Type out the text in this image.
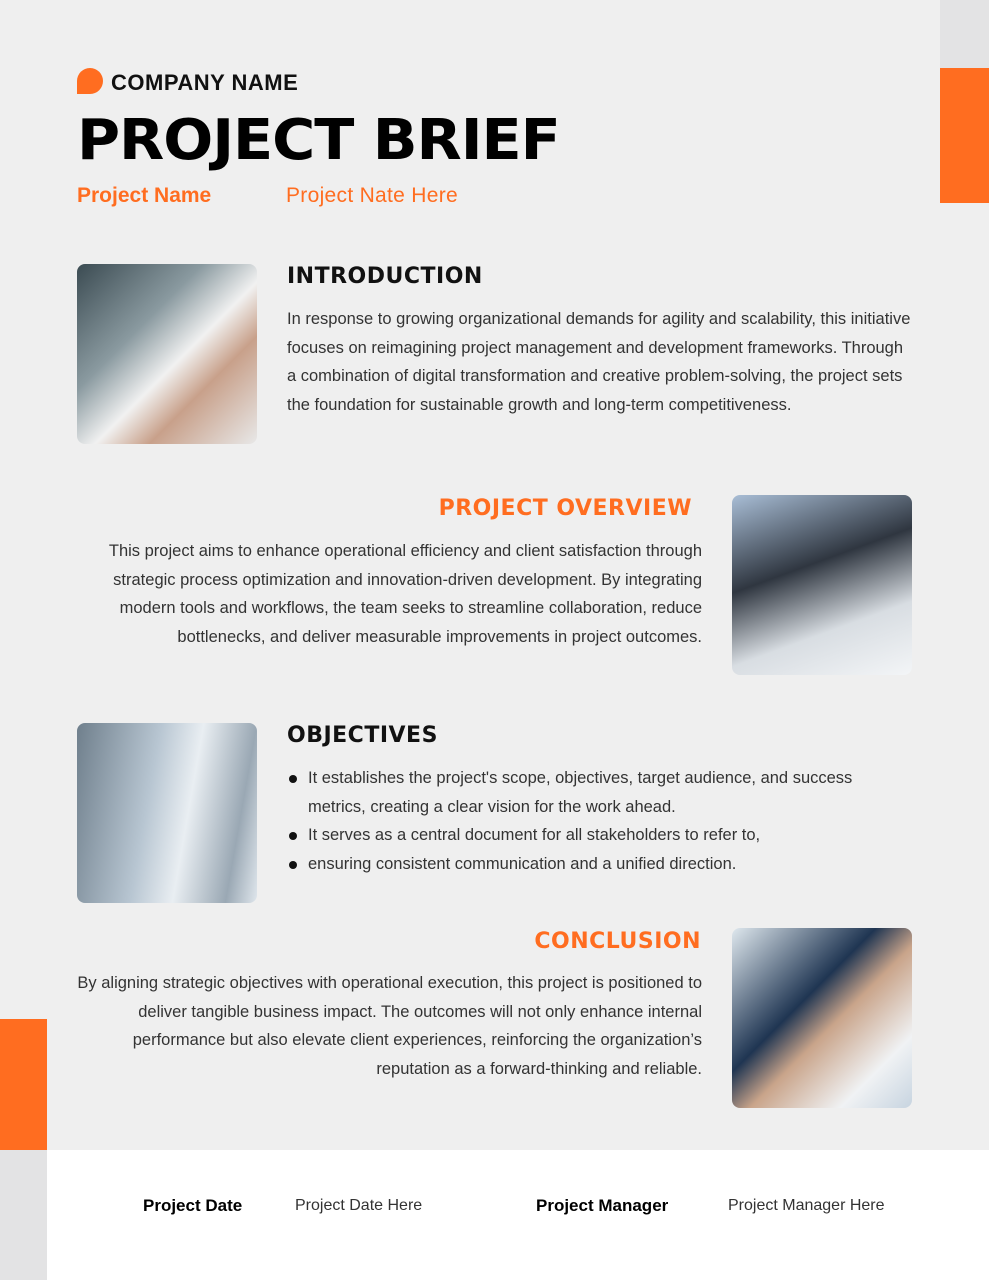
COMPANY NAME
PROJECT BRIEF
Project Name	Project Nate Here
INTRODUCTION
In response to growing organizational demands for agility and scalability, this initiative focuses on reimagining project management and development frameworks. Through a combination of digital transformation and creative problem-solving, the project sets the foundation for sustainable growth and long-term competitiveness.
PROJECT OVERVIEW
This project aims to enhance operational efficiency and client satisfaction through strategic process optimization and innovation-driven development. By integrating modern tools and workflows, the team seeks to streamline collaboration, reduce bottlenecks, and deliver measurable improvements in project outcomes.
OBJECTIVES
It establishes the project's scope, objectives, target audience, and success metrics, creating a clear vision for the work ahead.
It serves as a central document for all stakeholders to refer to,
ensuring consistent communication and a unified direction.
CONCLUSION
By aligning strategic objectives with operational execution, this project is positioned to deliver tangible business impact. The outcomes will not only enhance internal performance but also elevate client experiences, reinforcing the organization’s reputation as a forward-thinking and reliable.
Project Date	Project Date Here	Project Manager	Project Manager Here
